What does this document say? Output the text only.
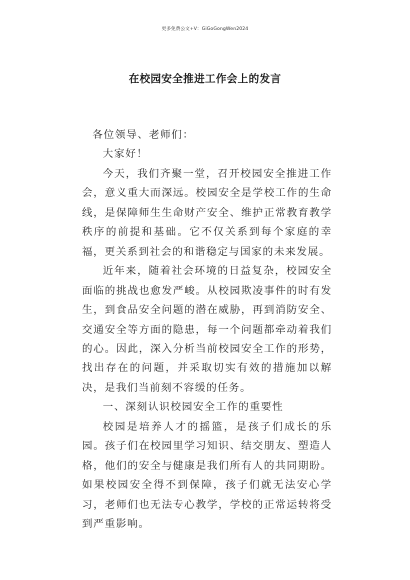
更多免费公文+V：GiGoGongWen2024
在校园安全推进工作会上的发言

各位领导、老师们：

大家好！

今天，我们齐聚一堂，召开校园安全推进工作会，意义重大而深远。校园安全是学校工作的生命线，是保障师生生命财产安全、维护正常教育教学秩序的前提和基础。它不仅关系到每个家庭的幸福，更关系到社会的和谐稳定与国家的未来发展。

近年来，随着社会环境的日益复杂，校园安全面临的挑战也愈发严峻。从校园欺凌事件的时有发生，到食品安全问题的潜在威胁，再到消防安全、交通安全等方面的隐患，每一个问题都牵动着我们的心。因此，深入分析当前校园安全工作的形势，找出存在的问题，并采取切实有效的措施加以解决，是我们当前刻不容缓的任务。

一、深刻认识校园安全工作的重要性

校园是培养人才的摇篮，是孩子们成长的乐园。孩子们在校园里学习知识、结交朋友、塑造人格，他们的安全与健康是我们所有人的共同期盼。如果校园安全得不到保障，孩子们就无法安心学习，老师们也无法专心教学，学校的正常运转将受到严重影响。
